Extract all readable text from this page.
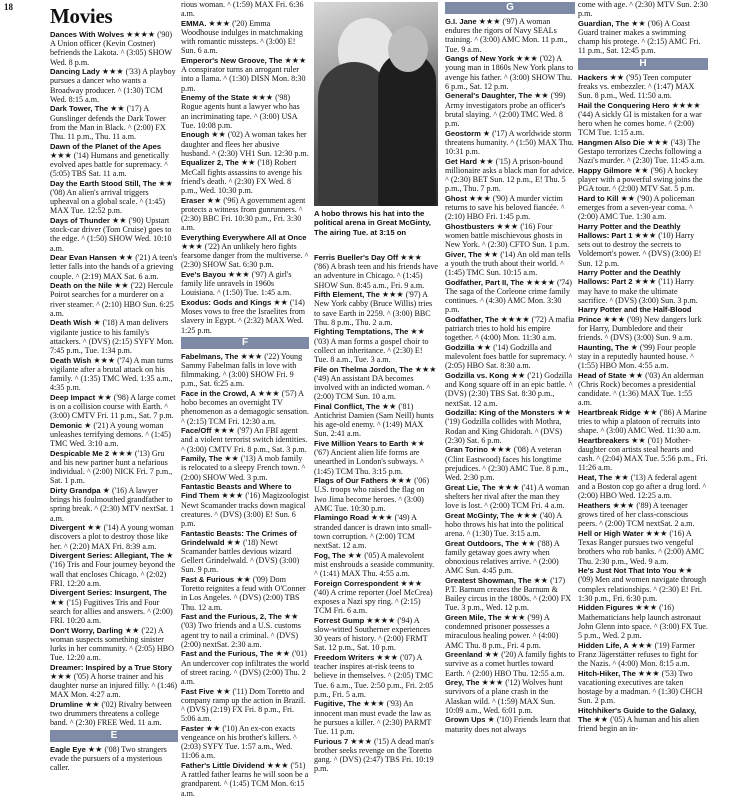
18 Movies
Dances With Wolves ★★★★ ('90) A Union officer (Kevin Costner) befriends the Lakota. ^ (3:05) SHOW Wed. 8 p.m.
Dancing Lady ★★★ ('33) A playboy pursues a dancer who wants a Broadway producer. ^ (1:30) TCM Wed. 8:15 a.m.
Dark Tower, The ★★ ('17) A Gunslinger defends the Dark Tower from the Man in Black. ^ (2:00) FX Thu. 11 p.m., Thu. 11 a.m.
Dawn of the Planet of the Apes ★★★ ('14) Humans and genetically evolved apes battle for supremacy. ^ (5:05) TBS Sat. 11 a.m.
Day the Earth Stood Still, The ★★ ('08) An alien's arrival triggers upheaval on a global scale. ^ (1:45) MAX Tue. 12:52 p.m.
Days of Thunder ★★ ('90) Upstart stock-car driver (Tom Cruise) goes to the edge. ^ (1:50) SHOW Wed. 10:10 a.m.
Dear Evan Hansen ★★ ('21) A teen's letter falls into the hands of a grieving couple. ^ (2:19) MAX Sat. 6 a.m.
Death on the Nile ★★ ('22) Hercule Poirot searches for a murderer on a river steamer. ^ (2:10) HBO Sun. 6:25 a.m.
Death Wish ★ ('18) A man delivers vigilante justice to his family's attackers. ^ (DVS) (2:15) SYFY Mon. 7:45 p.m., Tue. 1:34 p.m.
Death Wish ★★★ ('74) A man turns vigilante after a brutal attack on his family. ^ (1:35) TMC Wed. 1:35 a.m., 4:35 p.m.
Deep Impact ★★ ('98) A large comet is on a collision course with Earth. ^ (3:00) CMTV Fri. 11 p.m., Sat. 7 p.m.
Demonic ★ ('21) A young woman unleashes terrifying demons. ^ (1:45) TMC Wed. 3:10 a.m.
Despicable Me 2 ★★★ ('13) Gru and his new partner hunt a nefarious individual. ^ (2:00) NICK Fri. 7 p.m., Sat. 1 p.m.
Dirty Grandpa ★ ('16) A lawyer brings his foulmouthed grandfather to spring break. ^ (2:30) MTV nextSat. 1 a.m.
Divergent ★★ ('14) A young woman discovers a plot to destroy those like her. ^ (2:20) MAX Fri. 8:39 a.m.
Divergent Series: Allegiant, The ★ ('16) Tris and Four journey beyond the wall that encloses Chicago. ^ (2:02) FRI. 12:20 a.m.
Divergent Series: Insurgent, The ★★ ('15) Fugitives Tris and Four search for allies and answers. ^ (2:00) FRI. 10:20 a.m.
Don't Worry, Darling ★★ ('22) A woman suspects something sinister lurks in her community. ^ (2:05) HBO Tue. 12:20 a.m.
Dreamer: Inspired by a True Story ★★★ ('05) A horse trainer and his daughter nurse an injured filly. ^ (1:46) MAX Mon. 4:27 a.m.
Drumline ★★ ('02) Rivalry between two drummers threatens a college band. ^ (2:30) FREE Wed. 11 a.m.
E
Eagle Eye ★★ ('08) Two strangers evade the pursuers of a mysterious caller.
rious woman. ^ (1:59) MAX Fri. 6:36 a.m.
EMMA. ★★★ ('20) Emma Woodhouse indulges in matchmaking with romantic missteps. ^ (3:00) E! Sun. 6 a.m.
Emperor's New Groove, The ★★★ A conspirator turns an arrogant ruler into a llama. ^ (1:30) DISN Mon. 8:30 p.m.
Enemy of the State ★★★ ('98) Rogue agents hunt a lawyer who has an incriminating tape. ^ (3:00) USA Tue. 10:08 p.m.
Enough ★★ ('02) A woman takes her daughter and flees her abusive husband. ^ (2:30) VH1 Sun. 12:30 p.m.
Equalizer 2, The ★★ ('18) Robert McCall fights assassins to avenge his friend's death. ^ (2:30) FX Wed. 8 p.m., Wed. 10:30 p.m.
Eraser ★★ ('96) A government agent protects a witness from gunrunners. ^ (2:30) BBC Fri. 10:30 p.m., Fri. 3:30 a.m.
Everything Everywhere All at Once ★★★ ('22) An unlikely hero fights fearsome danger from the multiverse. ^ (2:30) SHOW Sat. 6:30 p.m.
Eve's Bayou ★★★ ('97) A girl's family life unravels in 1960s Louisiana. ^ (1:50) Tue. 1:45 a.m.
Exodus: Gods and Kings ★★ ('14) Moses vows to free the Israelites from slavery in Egypt. ^ (2:32) MAX Wed. 1:25 p.m.
F
Fabelmans, The ★★★ ('22) Young Sammy Fabelman falls in love with filmmaking. ^ (3:00) SHOW Fri. 9 p.m., Sat. 6:25 a.m.
Face in the Crowd, A ★★★ ('57) A hobo becomes an overnight TV phenomenon as a demagogic sensation. ^ (2:15) TCM Fri. 12:30 a.m.
Face/Off ★★★ ('97) An FBI agent and a violent terrorist switch identities. ^ (3:00) CMTV Fri. 8 p.m., Sat. 3 p.m.
Family, The ★★ ('13) A mob family is relocated to a sleepy French town. ^ (2:00) SHOW Wed. 3 p.m.
Fantastic Beasts and Where to Find Them ★★★ ('16) Magizoologist Newt Scamander tracks down magical creatures. ^ (DVS) (3:00) E! Sun. 6 p.m.
Fantastic Beasts: The Crimes of Grindelwald ★★ ('18) Newt Scamander battles devious wizard Gellert Grindelwald. ^ (DVS) (3:00) Sun. 9 p.m.
Fast & Furious ★★ ('09) Dom Toretto reignites a feud with O'Conner in Los Angeles. ^ (DVS) (2:00) TBS Thu. 12 a.m.
Fast and the Furious, 2, The ★★ ('03) Two friends and a U.S. customs agent try to nail a criminal. ^ (DVS) (2:00) nextSat. 2:30 a.m.
Fast and the Furious, The ★★ ('01) An undercover cop infiltrates the world of street racing. ^ (DVS) (2:00) Thu. 2 a.m.
Fast Five ★★ ('11) Dom Toretto and company ramp up the action in Brazil. ^ (DVS) (2:19) FX Fri. 8 p.m., Fri. 5:06 a.m.
Faster ★★ ('10) An ex-con exacts vengeance on his brother's killers. ^ (2:03) SYFY Tue. 1:57 a.m., Wed. 11:06 a.m.
Father's Little Dividend ★★★ ('51) A rattled father learns he will soon be a grandparent. ^ (1:45) TCM Mon. 6:15 a.m.
A hobo throws his hat into the political arena in Great McGinty, The airing Tue. at 3:15 on
Ferris Bueller's Day Off ★★★ ('86) A brash teen and his friends have an adventure in Chicago. ^ (1:45) SHOW Sun. 8:45 a.m., Fri. 9 a.m.
Fifth Element, The ★★★ ('97) A New York cabby (Bruce Willis) tries to save Earth in 2259. ^ (3:00) BBC Thu. 8 p.m., Thu. 2 a.m.
Fighting Temptations, The ★★ ('03) A man forms a gospel choir to collect an inheritance. ^ (2:30) E! Tue. 8 a.m., Tue. 3 a.m.
File on Thelma Jordon, The ★★★ ('49) An assistant DA becomes involved with an indicted woman. ^ (2:00) TCM Sun. 10 a.m.
Final Conflict, The ★★ ('81) Antichrist Damien (Sam Neill) hunts his age-old enemy. ^ (1:49) MAX Sun. 2:41 a.m.
Five Million Years to Earth ★★ ('67) Ancient alien life forms are unearthed in London's subways. ^ (1:45) TCM Thu. 3:15 p.m.
Flags of Our Fathers ★★★ ('06) U.S. troops who raised the flag on Iwo Jima become heroes. ^ (3:00) AMC Tue. 10:30 p.m.
Flamingo Road ★★★ ('49) A stranded dancer is drawn into small-town corruption. ^ (2:00) TCM nextSat. 12 a.m.
Fog, The ★★ ('05) A malevolent mist enshrouds a seaside community. ^ (1:41) MAX Thu. 4:55 a.m.
Foreign Correspondent ★★★ ('40) A crime reporter (Joel McCrea) exposes a Nazi spy ring. ^ (2:15) TCM Fri. 6 a.m.
Forrest Gump ★★★★ ('94) A slow-witted Southerner experiences 30 years of history. ^ (2:00) FRMT Sat. 12 p.m., Sat. 10 p.m.
Freedom Writers ★★★ ('07) A teacher inspires at-risk teens to believe in themselves. ^ (2:05) TMC Tue. 6 a.m., Tue. 2:50 p.m., Fri. 2:05 p.m., Fri. 5 a.m.
Fugitive, The ★★★ ('93) An innocent man must evade the law as he pursues a killer. ^ (2:30) PARMT Tue. 11 p.m.
Furious 7 ★★★ ('15) A dead man's brother seeks revenge on the Toretto gang. ^ (DVS) (2:47) TBS Fri. 10:19 p.m.
G
G.I. Jane ★★★ ('97) A woman endures the rigors of Navy SEALs training. ^ (3:00) AMC Mon. 11 p.m., Tue. 9 a.m.
Gangs of New York ★★★ ('02) A young man in 1860s New York plans to avenge his father. ^ (3:00) SHOW Thu. 6 p.m., Sat. 12 p.m.
General's Daughter, The ★★ ('99) Army investigators probe an officer's brutal slaying. ^ (2:00) TMC Wed. 8 p.m.
Geostorm ★ ('17) A worldwide storm threatens humanity. ^ (1:50) MAX Thu. 10:31 p.m.
Get Hard ★★ ('15) A prison-bound millionaire asks a black man for advice. ^ (2:30) BET Sun. 12 p.m., E! Thu. 5 p.m., Thu. 7 p.m.
Ghost ★★★ ('90) A murder victim returns to save his beloved fiancée. ^ (2:10) HBO Fri. 1:45 p.m.
Ghostbusters ★★★ ('16) Four women battle mischievous ghosts in New York. ^ (2:30) CFTO Sun. 1 p.m.
Giver, The ★★ ('14) An old man tells a youth the truth about their world. ^ (1:45) TMC Sun. 10:15 a.m.
Godfather, Part II, The ★★★★ ('74) The saga of the Corleone crime family continues. ^ (4:30) AMC Mon. 3:30 p.m.
Godfather, The ★★★★ ('72) A mafia patriarch tries to hold his empire together. ^ (4:00) Mon. 11:30 a.m.
Godzilla ★★ ('14) Godzilla and malevolent foes battle for supremacy. ^ (2:05) HBO Sat. 8:30 a.m.
Godzilla vs. Kong ★★ ('21) Godzilla and Kong square off in an epic battle. ^ (DVS) (2:30) TBS Sat. 8:30 p.m., nextSat. 12 a.m.
Godzilla: King of the Monsters ★★ ('19) Godzilla collides with Mothra, Rodan and King Ghidorah. ^ (DVS) (2:30) Sat. 6 p.m.
Gran Torino ★★★ ('08) A veteran (Clint Eastwood) faces his longtime prejudices. ^ (2:30) AMC Tue. 8 p.m., Wed. 2:30 p.m.
Great Lie, The ★★★ ('41) A woman shelters her rival after the man they love is lost. ^ (2:00) TCM Fri. 4 a.m.
Great McGinty, The ★★★ ('40) A hobo throws his hat into the political arena. ^ (1:30) Tue. 3:15 a.m.
Great Outdoors, The ★★ ('88) A family getaway goes awry when obnoxious relatives arrive. ^ (2:00) AMC Sun. 4:45 p.m.
Greatest Showman, The ★★ ('17) P.T. Barnum creates the Barnum & Bailey circus in the 1800s. ^ (2:00) FX Tue. 3 p.m., Wed. 12 p.m.
Green Mile, The ★★★ ('99) A condemned prisoner possesses a miraculous healing power. ^ (4:00) AMC Thu. 8 p.m., Fri. 4 p.m.
Greenland ★★ ('20) A family fights to survive as a comet hurtles toward Earth. ^ (2:00) HBO Thu. 12:55 a.m.
Grey, The ★★★ ('12) Wolves hunt survivors of a plane crash in the Alaskan wild. ^ (1:59) MAX Sun. 10:09 a.m., Wed. 6:01 p.m.
Grown Ups ★ ('10) Friends learn that maturity does not always
come with age. ^ (2:30) MTV Sun. 2:30 p.m.
Guardian, The ★★ ('06) A Coast Guard trainer makes a swimming champ his protege. ^ (2:15) AMC Fri. 11 p.m., Sat. 12:45 p.m.
H
Hackers ★★ ('95) Teen computer freaks vs. embezzler. ^ (1:47) MAX Sun. 8 p.m., Wed. 11:50 a.m.
Hail the Conquering Hero ★★★★ ('44) A sickly GI is mistaken for a war hero when he comes home. ^ (2:00) TCM Tue. 1:15 a.m.
Hangmen Also Die ★★★ ('43) The Gestapo terrorizes Czechs following a Nazi's murder. ^ (2:30) Tue. 11:45 a.m.
Happy Gilmore ★★ ('96) A hockey player with a powerful swing joins the PGA tour. ^ (2:00) MTV Sat. 5 p.m.
Hard to Kill ★★ ('90) A policeman emerges from a seven-year coma. ^ (2:00) AMC Tue. 1:30 a.m.
Harry Potter and the Deathly Hallows: Part 1 ★★★ ('10) Harry sets out to destroy the secrets to Voldemort's power. ^ (DVS) (3:00) E! Sun. 12 p.m.
Harry Potter and the Deathly Hallows: Part 2 ★★★ ('11) Harry may have to make the ultimate sacrifice. ^ (DVS) (3:00) Sun. 3 p.m.
Harry Potter and the Half-Blood Prince ★★★ ('09) New dangers lurk for Harry, Dumbledore and their friends. ^ (DVS) (3:00) Sun. 9 a.m.
Haunting, The ★ ('99) Four people stay in a reputedly haunted house. ^ (1:55) HBO Mon. 4:55 a.m.
Head of State ★★ ('03) An alderman (Chris Rock) becomes a presidential candidate. ^ (1:36) MAX Tue. 1:55 a.m.
Heartbreak Ridge ★★ ('86) A Marine tries to whip a platoon of recruits into shape. ^ (3:00) AMC Wed. 11:30 a.m.
Heartbreakers ★★ ('01) Mother-daughter con artists steal hearts and cash. ^ (2:04) MAX Tue. 5:56 p.m., Fri. 11:26 a.m.
Heat, The ★★ ('13) A federal agent and a Boston cop go after a drug lord. ^ (2:00) HBO Wed. 12:25 a.m.
Heathers ★★★ ('89) A teenager grows tired of her class-conscious peers. ^ (2:00) TCM nextSat. 2 a.m.
Hell or High Water ★★★ ('16) A Texas Ranger pursues two vengeful brothers who rob banks. ^ (2:00) AMC Thu. 2:30 p.m., Wed. 9 a.m.
He's Just Not That Into You ★★ ('09) Men and women navigate through complex relationships. ^ (2:30) E! Fri. 1:30 p.m., Fri. 6:30 p.m.
Hidden Figures ★★★ ('16) Mathematicians help launch astronaut John Glenn into space. ^ (3:00) FX Tue. 5 p.m., Wed. 2 p.m.
Hidden Life, A ★★★ ('19) Farmer Franz Jägerstätter refuses to fight for the Nazis. ^ (4:00) Mon. 8:15 a.m.
Hitch-Hiker, The ★★★ ('53) Two vacationing executives are taken hostage by a madman. ^ (1:30) CHCH Sun. 2 p.m.
Hitchhiker's Guide to the Galaxy, The ★★ ('05) A human and his alien friend begin an in-
